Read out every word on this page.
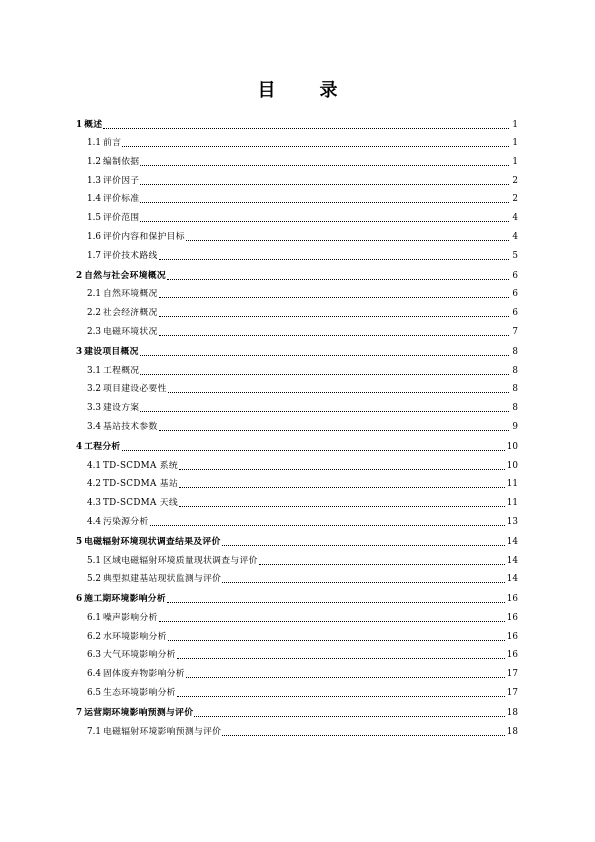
目 录
1 概述	1
1.1 前言	1
1.2 编制依据	1
1.3 评价因子	2
1.4 评价标准	2
1.5 评价范围	4
1.6 评价内容和保护目标	4
1.7 评价技术路线	5
2 自然与社会环境概况	6
2.1 自然环境概况	6
2.2 社会经济概况	6
2.3 电磁环境状况	7
3 建设项目概况	8
3.1 工程概况	8
3.2 项目建设必要性	8
3.3 建设方案	8
3.4 基站技术参数	9
4 工程分析	10
4.1 TD-SCDMA 系统	10
4.2 TD-SCDMA 基站	11
4.3 TD-SCDMA 天线	11
4.4 污染源分析	13
5 电磁辐射环境现状调查结果及评价	14
5.1 区域电磁辐射环境质量现状调查与评价	14
5.2 典型拟建基站现状监测与评价	14
6 施工期环境影响分析	16
6.1 噪声影响分析	16
6.2 水环境影响分析	16
6.3 大气环境影响分析	16
6.4 固体废弃物影响分析	17
6.5 生态环境影响分析	17
7 运营期环境影响预测与评价	18
7.1 电磁辐射环境影响预测与评价	18
